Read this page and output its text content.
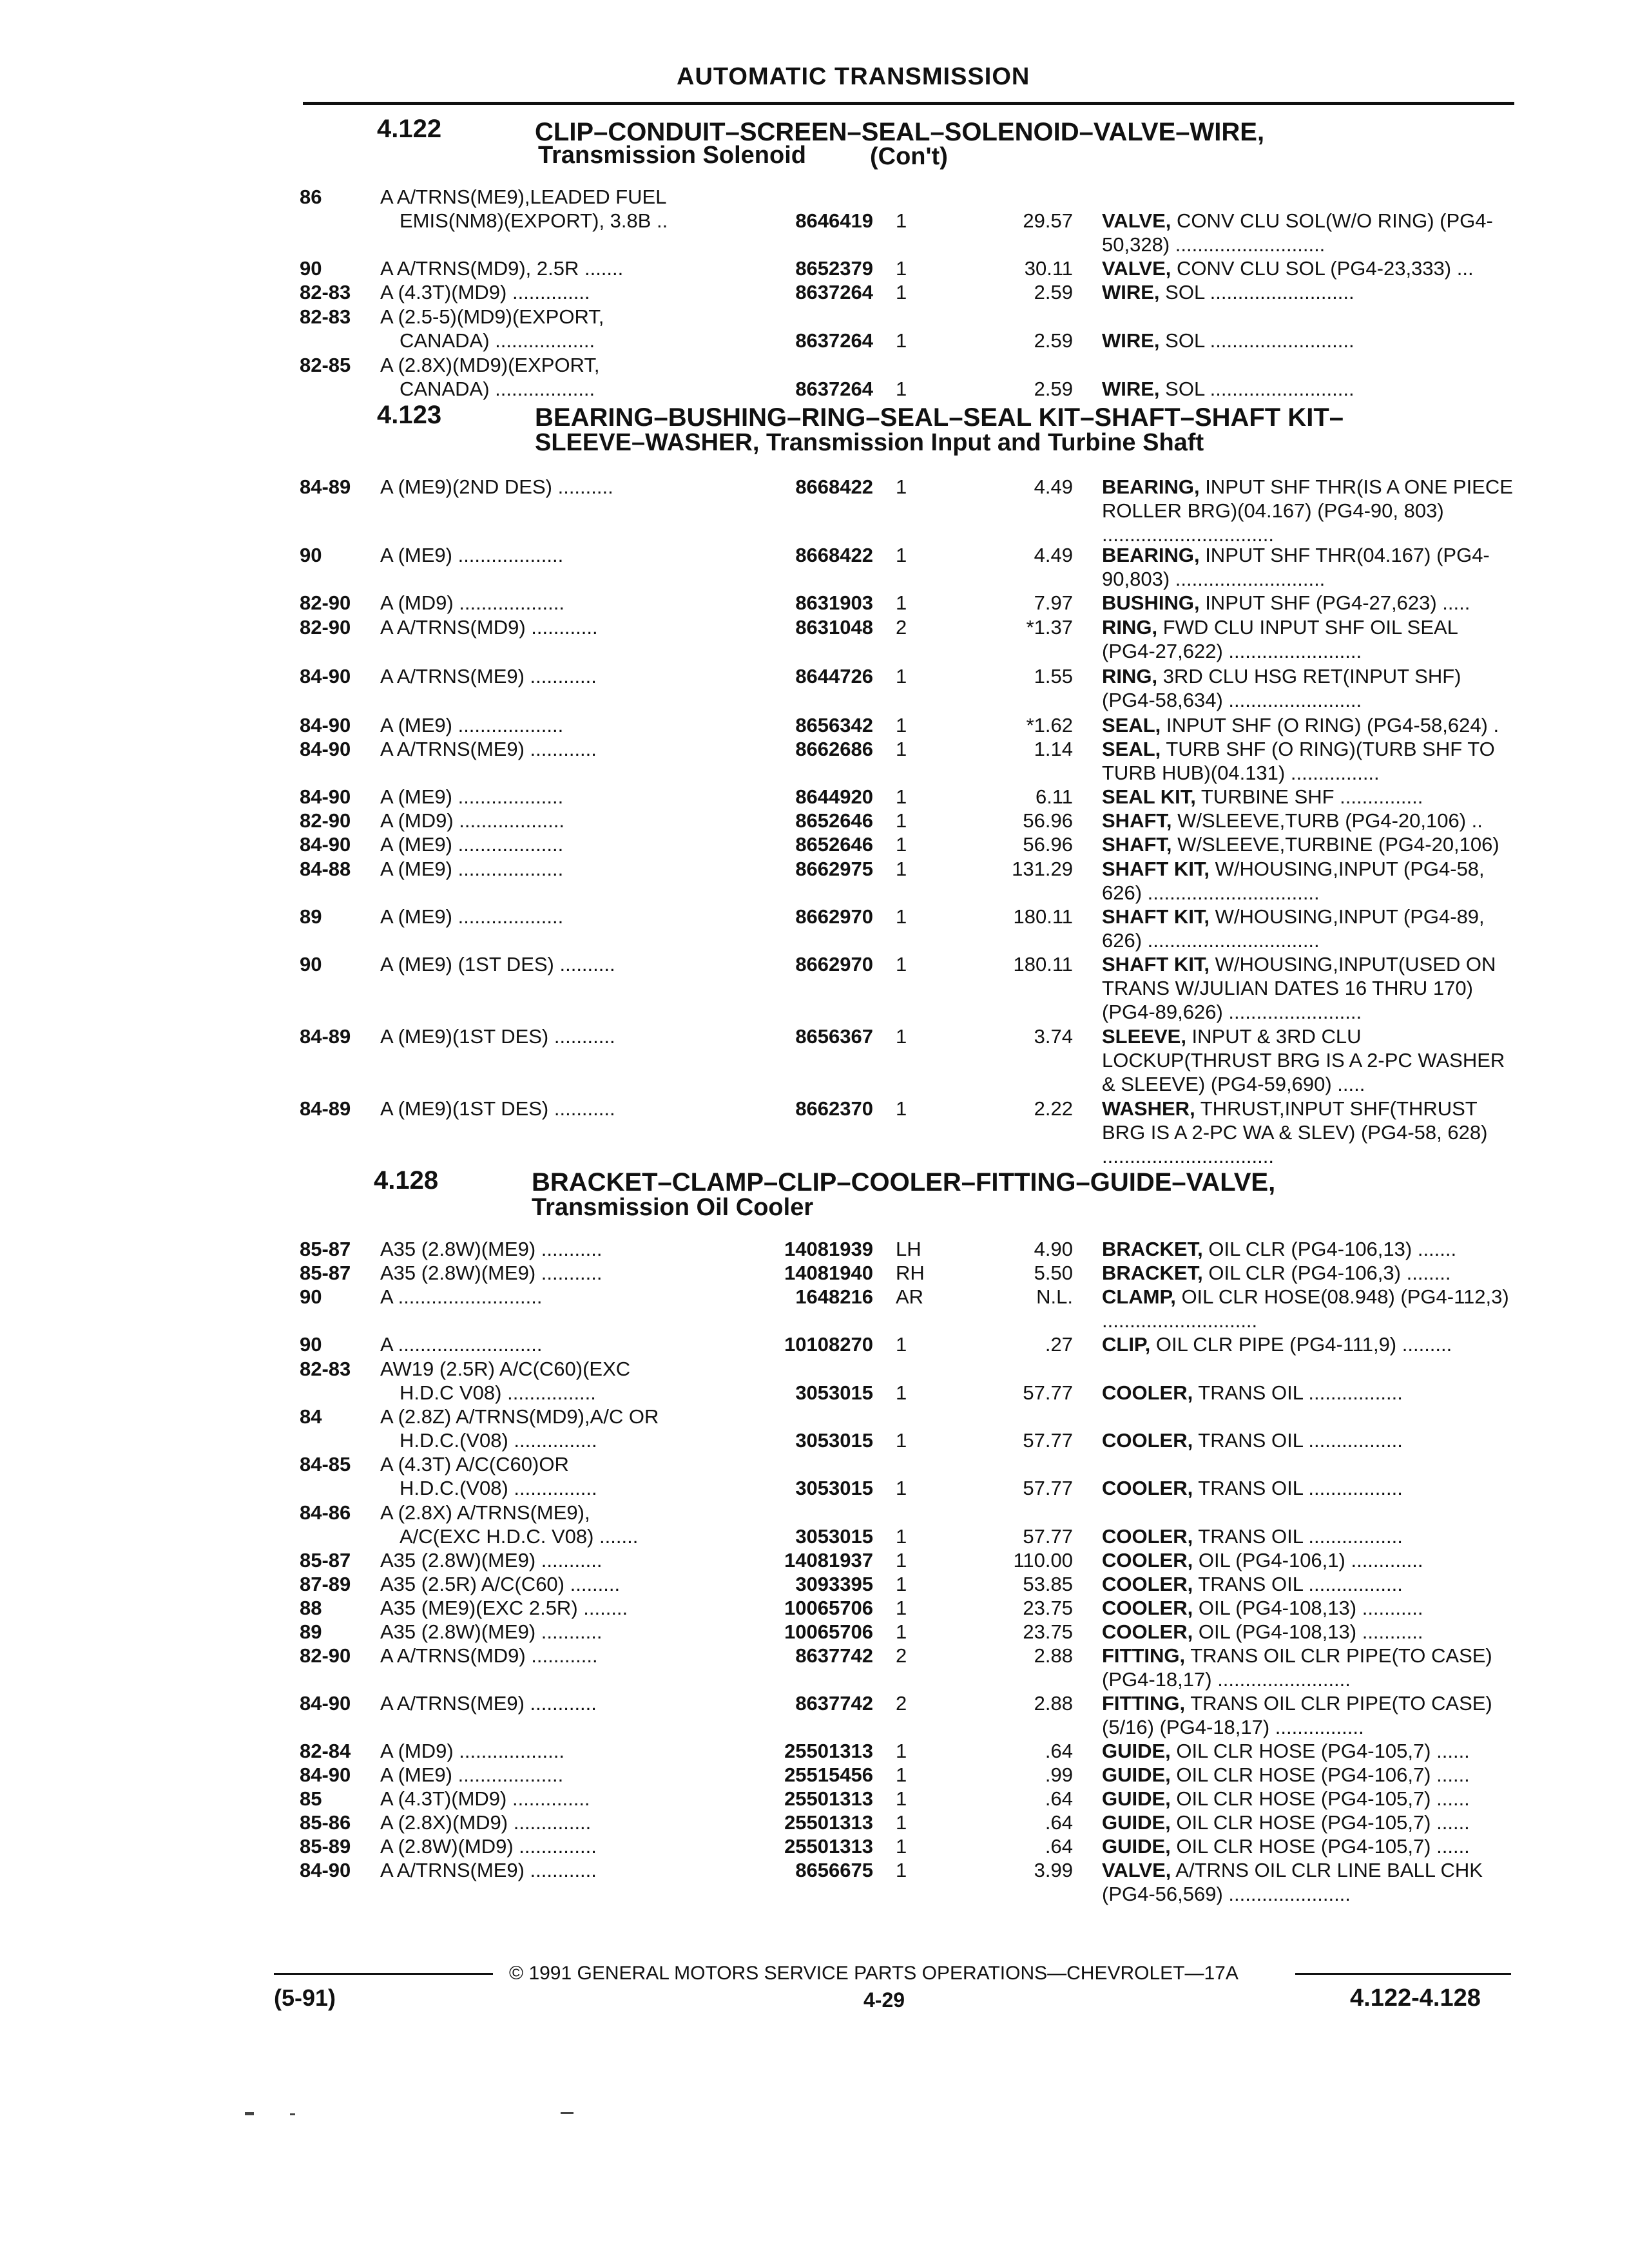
AUTOMATIC TRANSMISSION
4.122	CLIP–CONDUIT–SCREEN–SEAL–SOLENOID–VALVE–WIRE,
Transmission Solenoid	(Con't)
86	A A/TRNS(ME9),LEADED FUEL
EMIS(NM8)(EXPORT), 3.8B ..	8646419 1	29.57 VALVE, CONV CLU SOL(W/O RING) (PG4-50,328) ...........................
90	A A/TRNS(MD9), 2.5R .......	8652379 1	30.11 VALVE, CONV CLU SOL (PG4-23,333) ...
82-83 A (4.3T)(MD9) ..............	8637264 1	2.59 WIRE, SOL ..........................
82-83 A (2.5-5)(MD9)(EXPORT,
CANADA) ..................	8637264 1	2.59 WIRE, SOL ..........................
82-85 A (2.8X)(MD9)(EXPORT,
CANADA) ..................	8637264 1	2.59 WIRE, SOL ..........................
4.123	BEARING–BUSHING–RING–SEAL–SEAL KIT–SHAFT–SHAFT KIT–
SLEEVE–WASHER, Transmission Input and Turbine Shaft
84-89 A (ME9)(2ND DES) ..........	8668422 1	4.49 BEARING, INPUT SHF THR(IS A ONE PIECE ROLLER BRG)(04.167) (PG4-90, 803) ...............................
90	A (ME9) ...................	8668422 1	4.49 BEARING, INPUT SHF THR(04.167) (PG4-90,803) ...........................
82-90 A (MD9) ...................	8631903 1	7.97 BUSHING, INPUT SHF (PG4-27,623) .....
82-90 A A/TRNS(MD9) ............	8631048 2	*1.37 RING, FWD CLU INPUT SHF OIL SEAL (PG4-27,622) ........................
84-90 A A/TRNS(ME9) ............	8644726 1	1.55 RING, 3RD CLU HSG RET(INPUT SHF) (PG4-58,634) ........................
84-90 A (ME9) ...................	8656342 1	*1.62 SEAL, INPUT SHF (O RING) (PG4-58,624) .
84-90 A A/TRNS(ME9) ............	8662686 1	1.14 SEAL, TURB SHF (O RING)(TURB SHF TO TURB HUB)(04.131) ................
84-90 A (ME9) ...................	8644920 1	6.11 SEAL KIT, TURBINE SHF ...............
82-90 A (MD9) ...................	8652646 1	56.96 SHAFT, W/SLEEVE,TURB (PG4-20,106) ..
84-90 A (ME9) ...................	8652646 1	56.96 SHAFT, W/SLEEVE,TURBINE (PG4-20,106)
84-88 A (ME9) ...................	8662975 1	131.29 SHAFT KIT, W/HOUSING,INPUT (PG4-58, 626) ...............................
89	A (ME9) ...................	8662970 1	180.11 SHAFT KIT, W/HOUSING,INPUT (PG4-89, 626) ...............................
90	A (ME9) (1ST DES) ..........	8662970 1	180.11 SHAFT KIT, W/HOUSING,INPUT(USED ON TRANS W/JULIAN DATES 16 THRU 170) (PG4-89,626) ........................
84-89 A (ME9)(1ST DES) ...........	8656367 1	3.74 SLEEVE, INPUT & 3RD CLU LOCKUP(THRUST BRG IS A 2-PC WASHER & SLEEVE) (PG4-59,690) .....
84-89 A (ME9)(1ST DES) ...........	8662370 1	2.22 WASHER, THRUST,INPUT SHF(THRUST BRG IS A 2-PC WA & SLEV) (PG4-58, 628) ...............................
4.128	BRACKET–CLAMP–CLIP–COOLER–FITTING–GUIDE–VALVE,
Transmission Oil Cooler
85-87 A35 (2.8W)(ME9) ...........	14081939 LH	4.90 BRACKET, OIL CLR (PG4-106,13) .......
85-87 A35 (2.8W)(ME9) ...........	14081940 RH	5.50 BRACKET, OIL CLR (PG4-106,3) ........
90	A ..........................	1648216 AR	N.L. CLAMP, OIL CLR HOSE(08.948) (PG4-112,3) ............................
90	A ..........................	10108270 1	.27 CLIP, OIL CLR PIPE (PG4-111,9) .........
82-83 AW19 (2.5R) A/C(C60)(EXC
H.D.C V08) ................	3053015 1	57.77 COOLER, TRANS OIL .................
84	A (2.8Z) A/TRNS(MD9),A/C OR
H.D.C.(V08) ...............	3053015 1	57.77 COOLER, TRANS OIL .................
84-85 A (4.3T) A/C(C60)OR
H.D.C.(V08) ...............	3053015 1	57.77 COOLER, TRANS OIL .................
84-86 A (2.8X) A/TRNS(ME9),
A/C(EXC H.D.C. V08) .......	3053015 1	57.77 COOLER, TRANS OIL .................
85-87 A35 (2.8W)(ME9) ...........	14081937 1	110.00 COOLER, OIL (PG4-106,1) .............
87-89 A35 (2.5R) A/C(C60) .........	3093395 1	53.85 COOLER, TRANS OIL .................
88	A35 (ME9)(EXC 2.5R) ........	10065706 1	23.75 COOLER, OIL (PG4-108,13) ...........
89	A35 (2.8W)(ME9) ...........	10065706 1	23.75 COOLER, OIL (PG4-108,13) ...........
82-90 A A/TRNS(MD9) ............	8637742 2	2.88 FITTING, TRANS OIL CLR PIPE(TO CASE) (PG4-18,17) ........................
84-90 A A/TRNS(ME9) ............	8637742 2	2.88 FITTING, TRANS OIL CLR PIPE(TO CASE) (5/16) (PG4-18,17) ................
82-84 A (MD9) ...................	25501313 1	.64 GUIDE, OIL CLR HOSE (PG4-105,7) ......
84-90 A (ME9) ...................	25515456 1	.99 GUIDE, OIL CLR HOSE (PG4-106,7) ......
85	A (4.3T)(MD9) ..............	25501313 1	.64 GUIDE, OIL CLR HOSE (PG4-105,7) ......
85-86 A (2.8X)(MD9) ..............	25501313 1	.64 GUIDE, OIL CLR HOSE (PG4-105,7) ......
85-89 A (2.8W)(MD9) ..............	25501313 1	.64 GUIDE, OIL CLR HOSE (PG4-105,7) ......
84-90 A A/TRNS(ME9) ............	8656675 1	3.99 VALVE, A/TRNS OIL CLR LINE BALL CHK (PG4-56,569) ......................
© 1991 GENERAL MOTORS SERVICE PARTS OPERATIONS—CHEVROLET—17A
(5-91)	4-29	4.122-4.128
